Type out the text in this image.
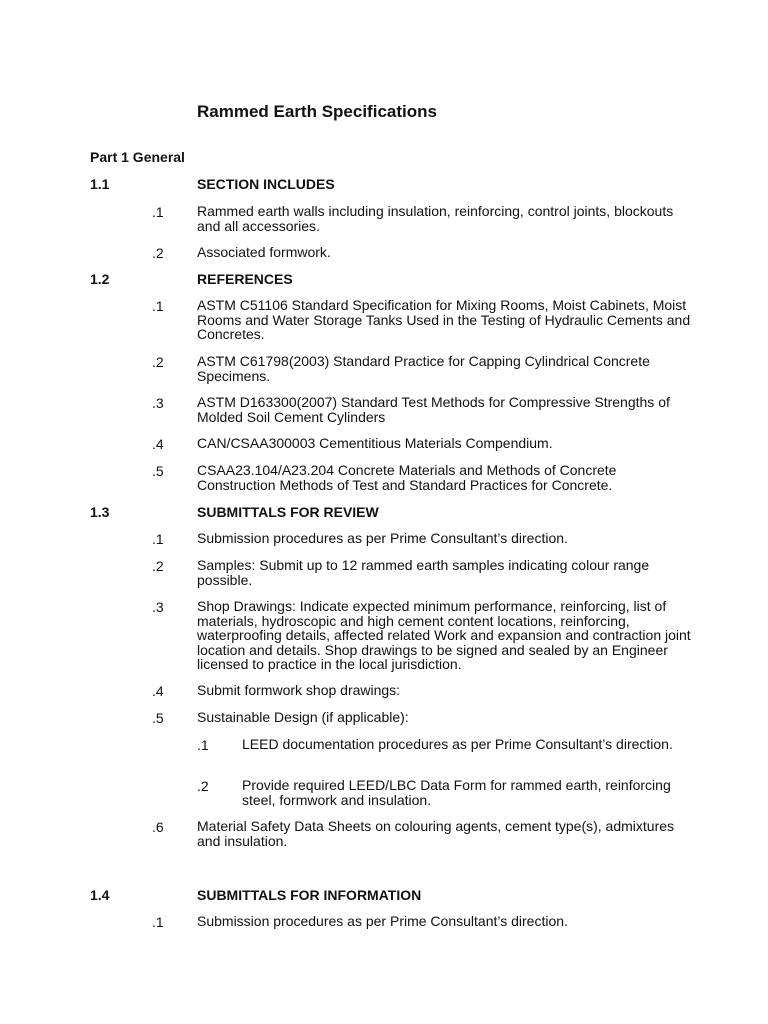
Rammed Earth Specifications
Part 1 General
1.1	SECTION INCLUDES
.1 Rammed earth walls including insulation, reinforcing, control joints, blockouts and all accessories.
.2 Associated formwork.
1.2	REFERENCES
.1 ASTM C51106 Standard Specification for Mixing Rooms, Moist Cabinets, Moist Rooms and Water Storage Tanks Used in the Testing of Hydraulic Cements and Concretes.
.2 ASTM C61798(2003) Standard Practice for Capping Cylindrical Concrete Specimens.
.3 ASTM D163300(2007) Standard Test Methods for Compressive Strengths of Molded Soil Cement Cylinders
.4 CAN/CSAA300003 Cementitious Materials Compendium.
.5 CSAA23.104/A23.204 Concrete Materials and Methods of Concrete Construction Methods of Test and Standard Practices for Concrete.
1.3	SUBMITTALS FOR REVIEW
.1 Submission procedures as per Prime Consultant’s direction.
.2 Samples: Submit up to 12 rammed earth samples indicating colour range possible.
.3 Shop Drawings: Indicate expected minimum performance, reinforcing, list of materials, hydroscopic and high cement content locations, reinforcing, waterproofing details, affected related Work and expansion and contraction joint location and details. Shop drawings to be signed and sealed by an Engineer licensed to practice in the local jurisdiction.
.4 Submit formwork shop drawings:
.5 Sustainable Design (if applicable):
.1 LEED documentation procedures as per Prime Consultant’s direction.
.2 Provide required LEED/LBC Data Form for rammed earth, reinforcing steel, formwork and insulation.
.6 Material Safety Data Sheets on colouring agents, cement type(s), admixtures and insulation.
1.4	SUBMITTALS FOR INFORMATION
.1 Submission procedures as per Prime Consultant’s direction.
